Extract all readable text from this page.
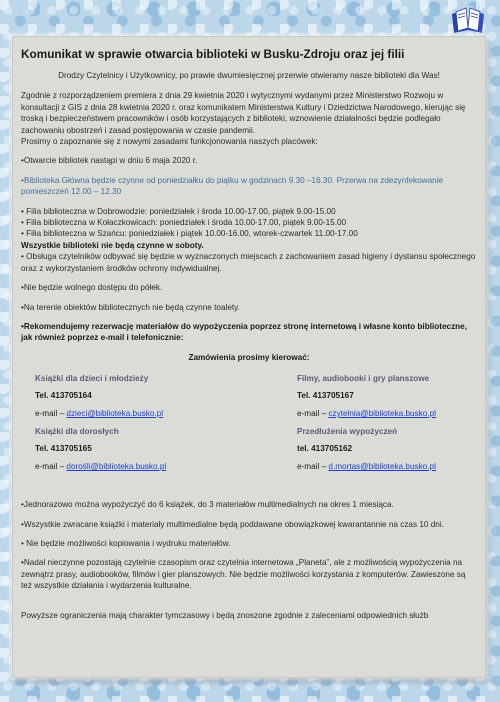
Komunikat w sprawie otwarcia biblioteki w Busku-Zdroju oraz jej filii

Drodzy Czytelnicy i Użytkownicy, po prawie dwumiesięcznej przerwie otwieramy nasze biblioteki dla Was!

Zgodnie z rozporządzeniem premiera z dnia 29 kwietnia 2020 i wytycznymi wydanymi przez Ministerstwo Rozwoju w konsultacji z GIS z dnia 28 kwietnia 2020 r. oraz komunikatem Ministerstwa Kultury i Dziedzictwa Narodowego, kierując się troską i bezpieczeństwem pracowników i osób korzystających z biblioteki, wznowienie działalności będzie podlegało zachowaniu obostrzeń i zasad postępowania w czasie pandemii.

Prosimy o zapoznanie się z nowymi zasadami funkcjonowania naszych placówek:

•Otwarcie bibliotek nastąpi w dniu 6 maja 2020 r.

•Biblioteka Główna będzie czynne od poniedziałku do piątku w godzinach 9.30 –16.30. Przerwa na zdezynfekowanie pomieszczeń 12.00 – 12.30

• Filia biblioteczna w Dobrowodzie: poniedziałek i środa 10.00-17.00, piątek 9.00-15.00

• Filia biblioteczna w Kołaczkowicach: poniedziałek i środa 10.00-17.00, piątek 9.00-15.00

• Filia biblioteczna w Szańcu: poniedziałek i piątek 10.00-16.00, wtorek-czwartek 11.00-17.00

Wszystkie biblioteki nie będą czynne w soboty.

• Obsługa czytelników odbywać się będzie w wyznaczonych miejscach z zachowaniem zasad higieny i dystansu społecznego oraz z wykorzystaniem środków ochrony indywidualnej.

•Nie będzie wolnego dostępu do półek.

•Na terenie obiektów bibliotecznych nie będą czynne toalety.

•Rekomendujemy rezerwację materiałów do wypożyczenia poprzez stronę internetową i własne konto biblioteczne, jak również poprzez e-mail i telefonicznie:

Zamówienia prosimy kierować:

Książki dla dzieci i młodzieży
Tel. 413705164
e-mail – dzieci@biblioteka.busko.pl
Książki dla dorosłych
Tel. 413705165
e-mail – dorośli@biblioteka.busko.pl
Filmy, audiobooki i gry planszowe
Tel. 413705167
e-mail – czytelnia@biblioteka.busko.pl
Przedłużenia wypożyczeń
tel. 413705162
e-mail – d.mortas@biblioteka.busko.pl

•Jednorazowo można wypożyczyć do 6 książek, do 3 materiałów multimedialnych na okres 1 miesiąca.

•Wszystkie zwracane książki i materiały multimedialne będą poddawane obowiązkowej kwarantannie na czas 10 dni.

• Nie będzie możliwości kopiowania i wydruku materiałów.

•Nadal nieczynne pozostają czytelnie czasopism oraz czytelnia internetowa „Planeta”, ale z możliwością wypożyczenia na zewnątrz prasy, audiobooków, filmów i gier planszowych. Nie będzie możliwości korzystania z komputerów. Zawieszone są też wszystkie działania i wydarzenia kulturalne.

Powyższe ograniczenia mają charakter tymczasowy i będą znoszone zgodnie z zaleceniami odpowiednich służb
